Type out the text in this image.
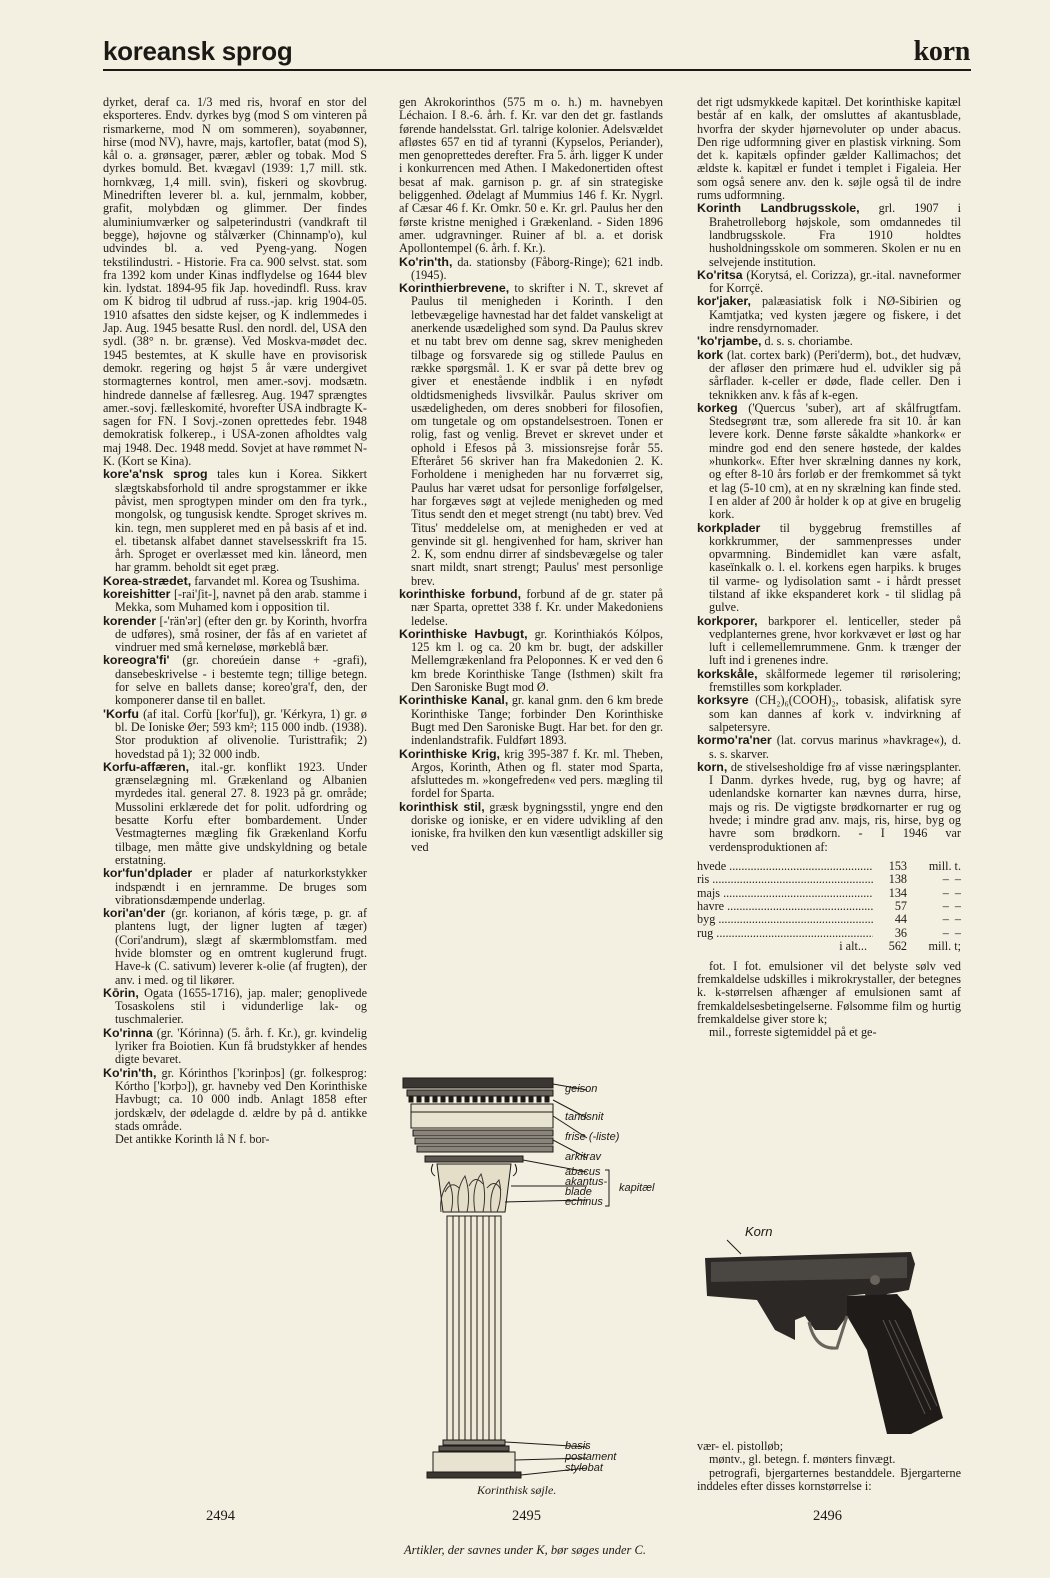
koreansk sprog	korn

dyrket, deraf ca. 1/3 med ris, hvoraf en stor del eksporteres. Endv. dyrkes byg (mod S om vinteren på rismarkerne, mod N om sommeren), soyabønner, hirse (mod NV), havre, majs, kartofler, batat (mod S), kål o. a. grønsager, pærer, æbler og tobak. Mod S dyrkes bomuld. Bet. kvægavl (1939: 1,7 mill. stk. hornkvæg, 1,4 mill. svin), fiskeri og skovbrug. Minedriften leverer bl. a. kul, jernmalm, kobber, grafit, molybdæn og glimmer. Der findes aluminiumværker og salpeterindustri (vandkraft til begge), højovne og stålværker (Chinnamp'o), kul udvindes bl. a. ved Pyeng-yang. Nogen tekstilindustri. - Historie. Fra ca. 900 selvst. stat. som fra 1392 kom under Kinas indflydelse og 1644 blev kin. lydstat. 1894-95 fik Jap. hovedindfl. Russ. krav om K bidrog til udbrud af russ.-jap. krig 1904-05. 1910 afsattes den sidste kejser, og K indlemmedes i Jap. Aug. 1945 besatte Rusl. den nordl. del, USA den sydl. (38° n. br. grænse). Ved Moskva-mødet dec. 1945 bestemtes, at K skulle have en provisorisk demokr. regering og højst 5 år være undergivet stormagternes kontrol, men amer.-sovj. modsætn. hindrede dannelse af fællesreg. Aug. 1947 sprængtes amer.-sovj. fælleskomité, hvorefter USA indbragte K-sagen for FN. I Sovj.-zonen oprettedes febr. 1948 demokratisk folkerep., i USA-zonen afholdtes valg maj 1948. Dec. 1948 medd. Sovjet at have rømmet N-K. (Kort se Kina).

kore'a'nsk sprog tales kun i Korea. Sikkert slægtskabsforhold til andre sprogstammer er ikke påvist, men sprogtypen minder om den fra tyrk., mongolsk, og tungusisk kendte. Sproget skrives m. kin. tegn, men suppleret med en på basis af et ind. el. tibetansk alfabet dannet stavelsesskrift fra 15. årh. Sproget er overlæsset med kin. låneord, men har gramm. beholdt sit eget præg.

Korea-strædet, farvandet ml. Korea og Tsushima.

koreishitter [-rai'ʃit-], navnet på den arab. stamme i Mekka, som Muhamed kom i opposition til.

korender [-'rän'ər] (efter den gr. by Korinth, hvorfra de udføres), små rosiner, der fås af en varietet af vindruer med små kerneløse, mørkeblå bær.

koreogra'fi' (gr. choreúein danse + -grafi), dansebeskrivelse - i bestemte tegn; tillige betegn. for selve en ballets danse; koreo'gra'f, den, der komponerer danse til en ballet.

'Korfu (af ital. Corfù [kor'fu]), gr. 'Kérkyra, 1) gr. ø bl. De Ioniske Øer; 593 km²; 115 000 indb. (1938). Stor produktion af olivenolie. Turisttrafik; 2) hovedstad på 1); 32 000 indb.

Korfu-affæren, ital.-gr. konflikt 1923. Under grænselægning ml. Grækenland og Albanien myrdedes ital. general 27. 8. 1923 på gr. område; Mussolini erklærede det for polit. udfordring og besatte Korfu efter bombardement. Under Vestmagternes mægling fik Grækenland Korfu tilbage, men måtte give undskyldning og betale erstatning.

kor'fun'dplader er plader af naturkorkstykker indspændt i en jernramme. De bruges som vibrationsdæmpende underlag.

kori'an'der (gr. korianon, af kóris tæge, p. gr. af plantens lugt, der ligner lugten af tæger) (Cori'andrum), slægt af skærmblomstfam. med hvide blomster og en omtrent kuglerund frugt. Have-k (C. sativum) leverer k-olie (af frugten), der anv. i med. og til likører.

Kōrin, Ogata (1655-1716), jap. maler; genoplivede Tosaskolens stil i vidunderlige lak- og tuschmalerier.

Ko'rinna (gr. 'Kórinna) (5. årh. f. Kr.), gr. kvindelig lyriker fra Boiotien. Kun få brudstykker af hendes digte bevaret.

Ko'rin'th, gr. Kórinthos ['kɔrinþɔs] (gr. folkesprog: Kórtho ['kɔrþɔ]), gr. havneby ved Den Korinthiske Havbugt; ca. 10 000 indb. Anlagt 1858 efter jordskælv, der ødelagde d. ældre by på d. antikke stads område.

Det antikke Korinth lå N f. bor-

gen Akrokorinthos (575 m o. h.) m. havnebyen Léchaion. I 8.-6. årh. f. Kr. var den det gr. fastlands førende handelsstat. Grl. talrige kolonier. Adelsvældet afløstes 657 en tid af tyranni (Kypselos, Periander), men genoprettedes derefter. Fra 5. årh. ligger K under i konkurrencen med Athen. I Makedonertiden oftest besat af mak. garnison p. gr. af sin strategiske beliggenhed. Ødelagt af Mummius 146 f. Kr. Nygrl. af Cæsar 46 f. Kr. Omkr. 50 e. Kr. grl. Paulus her den første kristne menighed i Grækenland. - Siden 1896 amer. udgravninger. Ruiner af bl. a. et dorisk Apollontempel (6. årh. f. Kr.).

Ko'rin'th, da. stationsby (Fåborg-Ringe); 621 indb. (1945).

Korinthierbrevene, to skrifter i N. T., skrevet af Paulus til menigheden i Korinth. I den letbevægelige havnestad har det faldet vanskeligt at anerkende usædelighed som synd. Da Paulus skrev et nu tabt brev om denne sag, skrev menigheden tilbage og forsvarede sig og stillede Paulus en række spørgsmål. 1. K er svar på dette brev og giver et enestående indblik i en nyfødt oldtidsmenigheds livsvilkår. Paulus skriver om usædeligheden, om deres snobberi for filosofien, om tungetale og om opstandelsestroen. Tonen er rolig, fast og venlig. Brevet er skrevet under et ophold i Efesos på 3. missionsrejse forår 55. Efteråret 56 skriver han fra Makedonien 2. K. Forholdene i menigheden har nu forværret sig, Paulus har været udsat for personlige forfølgelser, har forgæves søgt at vejlede menigheden og med Titus sendt den et meget strengt (nu tabt) brev. Ved Titus' meddelelse om, at menigheden er ved at genvinde sit gl. hengivenhed for ham, skriver han 2. K, som endnu dirrer af sindsbevægelse og taler snart mildt, snart strengt; Paulus' mest personlige brev.

korinthiske forbund, forbund af de gr. stater på nær Sparta, oprettet 338 f. Kr. under Makedoniens ledelse.

Korinthiske Havbugt, gr. Korinthiakós Kólpos, 125 km l. og ca. 20 km br. bugt, der adskiller Mellemgrækenland fra Peloponnes. K er ved den 6 km brede Korinthiske Tange (Isthmen) skilt fra Den Saroniske Bugt mod Ø.

Korinthiske Kanal, gr. kanal gnm. den 6 km brede Korinthiske Tange; forbinder Den Korinthiske Bugt med Den Saroniske Bugt. Har bet. for den gr. indenlandstrafik. Fuldført 1893.

Korinthiske Krig, krig 395-387 f. Kr. ml. Theben, Argos, Korinth, Athen og fl. stater mod Sparta, afsluttedes m. »kongefreden« ved pers. mægling til fordel for Sparta.

korinthisk stil, græsk bygningsstil, yngre end den doriske og ioniske, er en videre udvikling af den ioniske, fra hvilken den kun væsentligt adskiller sig ved

det rigt udsmykkede kapitæl. Det korinthiske kapitæl består af en kalk, der omsluttes af akantusblade, hvorfra der skyder hjørnevoluter op under abacus. Den rige udformning giver en plastisk virkning. Som det k. kapitæls opfinder gælder Kallimachos; det ældste k. kapitæl er fundet i templet i Figaleia. Her som også senere anv. den k. søjle også til de indre rums udformning.

Korinth Landbrugsskole, grl. 1907 i Brahetrolleborg højskole, som omdannedes til landbrugsskole. Fra 1910 holdtes husholdningsskole om sommeren. Skolen er nu en selvejende institution.

Ko'ritsa (Korytsá, el. Corizza), gr.-ital. navneformer for Korrçë.

kor'jaker, palæasiatisk folk i NØ-Sibirien og Kamtjatka; ved kysten jægere og fiskere, i det indre rensdyrnomader.

'ko'rjambe, d. s. s. choriambe.

kork (lat. cortex bark) (Peri'derm), bot., det hudvæv, der afløser den primære hud el. udvikler sig på sårflader. k-celler er døde, flade celler. Den i teknikken anv. k fås af k-egen.

korkeg ('Quercus 'suber), art af skålfrugtfam. Stedsegrønt træ, som allerede fra sit 10. år kan levere kork. Denne første såkaldte »hankork« er mindre god end den senere høstede, der kaldes »hunkork«. Efter hver skrælning dannes ny kork, og efter 8-10 års forløb er der fremkommet så tykt et lag (5-10 cm), at en ny skrælning kan finde sted. I en alder af 200 år holder k op at give en brugelig kork.

korkplader til byggebrug fremstilles af korkkrummer, der sammenpresses under opvarmning. Bindemidlet kan være asfalt, kaseïnkalk o. l. el. korkens egen harpiks. k bruges til varme- og lydisolation samt - i hårdt presset tilstand af ikke ekspanderet kork - til slidlag på gulve.

korkporer, barkporer el. lenticeller, steder på vedplanternes grene, hvor korkvævet er løst og har luft i cellemellemrummene. Gnm. k trænger der luft ind i grenenes indre.

korkskåle, skålformede legemer til rørisolering; fremstilles som korkplader.

korksyre (CH₂)₆(COOH)₂, tobasisk, alifatisk syre som kan dannes af kork v. indvirkning af salpetersyre.

kormo'ra'ner (lat. corvus marinus »havkrage«), d. s. s. skarver.

korn, de stivelsesholdige frø af visse næringsplanter. I Danm. dyrkes hvede, rug, byg og havre; af udenlandske kornarter kan nævnes durra, hirse, majs og ris. De vigtigste brødkornarter er rug og hvede; i mindre grad anv. majs, ris, hirse, byg og havre som brødkorn. - I 1946 var verdensproduktionen af:

hvede .....	153	mill. t.
ris .....	138	–  –
majs .....	134	–  –
havre .....	57	–  –
byg .....	44	–  –
rug .....	36	–  –
i alt...	562	mill. t;

fot. I fot. emulsioner vil det belyste sølv ved fremkaldelse udskilles i mikrokrystaller, der betegnes k. k-størrelsen afhænger af emulsionen samt af fremkaldelsesbetingelserne. Følsomme film og hurtig fremkaldelse giver store k;

mil., forreste sigtemiddel på et ge-

geison
tandsnit
frise (-liste)
arkitrav
abacus
akantus-
blade
echinus
kapitæl
basis
postament
stylobat
Korinthisk søjle.
Korn

vær- el. pistolløb;

møntv., gl. betegn. f. mønters finvægt.

petrografi, bjergarternes bestanddele. Bjergarterne inddeles efter disses kornstørrelse i:

2494	2495	2496
Artikler, der savnes under K, bør søges under C.
